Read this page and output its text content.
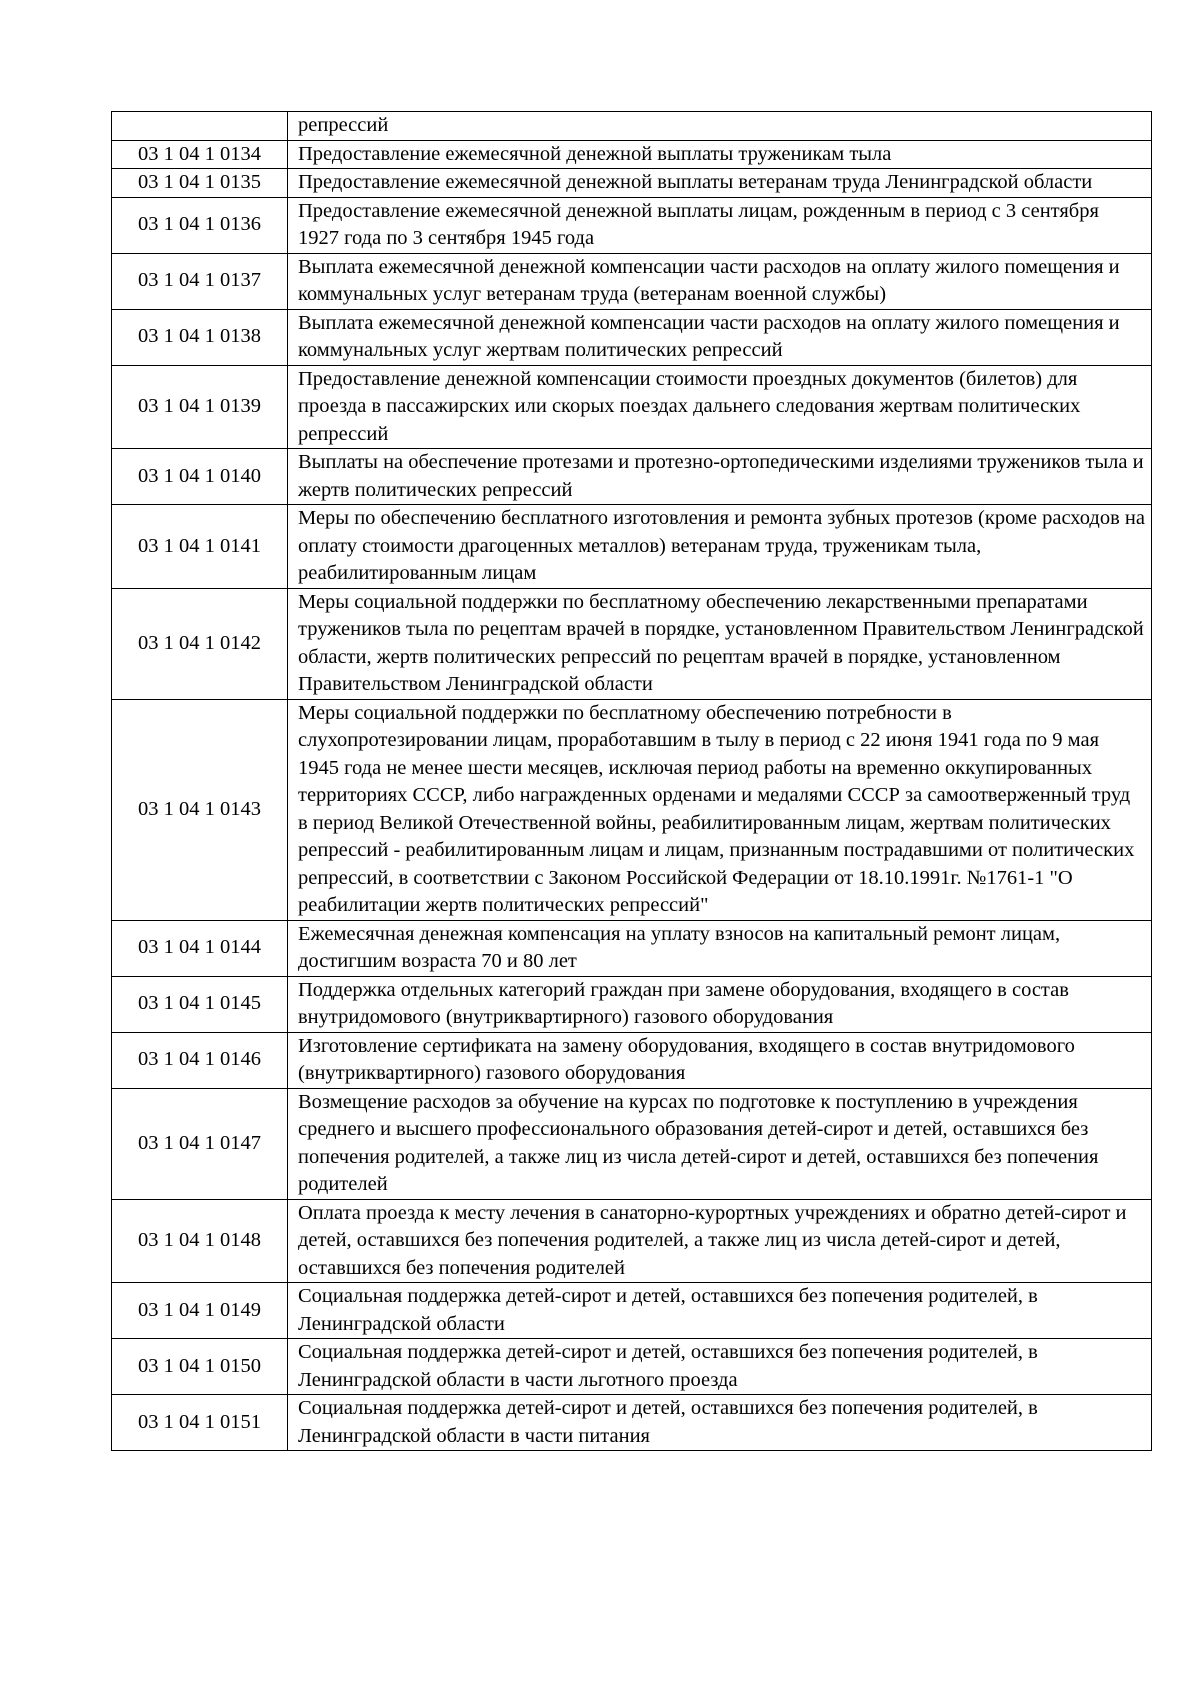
	репрессий
03 1 04 1 0134	Предоставление ежемесячной денежной выплаты труженикам тыла
03 1 04 1 0135	Предоставление ежемесячной денежной выплаты ветеранам труда Ленинградской области
03 1 04 1 0136	Предоставление ежемесячной денежной выплаты лицам, рожденным в период с 3 сентября 1927 года по 3 сентября 1945 года
03 1 04 1 0137	Выплата ежемесячной денежной компенсации части расходов на оплату жилого помещения и коммунальных услуг ветеранам труда (ветеранам военной службы)
03 1 04 1 0138	Выплата ежемесячной денежной компенсации части расходов на оплату жилого помещения и коммунальных услуг жертвам политических репрессий
03 1 04 1 0139	Предоставление денежной компенсации стоимости проездных документов (билетов) для проезда в пассажирских или скорых поездах дальнего следования жертвам политических репрессий
03 1 04 1 0140	Выплаты на обеспечение протезами и протезно-ортопедическими изделиями тружеников тыла и жертв политических репрессий
03 1 04 1 0141	Меры по обеспечению бесплатного изготовления и ремонта зубных протезов (кроме расходов на оплату стоимости драгоценных металлов) ветеранам труда, труженикам тыла, реабилитированным лицам
03 1 04 1 0142	Меры социальной поддержки по бесплатному обеспечению лекарственными препаратами тружеников тыла по рецептам врачей в порядке, установленном Правительством Ленинградской области, жертв политических репрессий по рецептам врачей в порядке, установленном Правительством Ленинградской области
03 1 04 1 0143	Меры социальной поддержки по бесплатному обеспечению потребности в слухопротезировании лицам, проработавшим в тылу в период с 22 июня 1941 года по 9 мая 1945 года не менее шести месяцев, исключая период работы на временно оккупированных территориях СССР, либо награжденных орденами и медалями СССР за самоотверженный труд в период Великой Отечественной войны, реабилитированным лицам, жертвам политических репрессий - реабилитированным лицам и лицам, признанным пострадавшими от политических репрессий, в соответствии с Законом Российской Федерации от 18.10.1991г. №1761-1 "О реабилитации жертв политических репрессий"
03 1 04 1 0144	Ежемесячная денежная компенсация на уплату взносов на капитальный ремонт лицам, достигшим возраста 70 и 80 лет
03 1 04 1 0145	Поддержка отдельных категорий граждан при замене оборудования, входящего в состав внутридомового (внутриквартирного) газового оборудования
03 1 04 1 0146	Изготовление сертификата на замену оборудования, входящего в состав внутридомового (внутриквартирного) газового оборудования
03 1 04 1 0147	Возмещение расходов за обучение на курсах по подготовке к поступлению в учреждения среднего и высшего профессионального образования детей-сирот и детей, оставшихся без попечения родителей, а также лиц из числа детей-сирот и детей, оставшихся без попечения родителей
03 1 04 1 0148	Оплата проезда к месту лечения в санаторно-курортных учреждениях и обратно детей-сирот и детей, оставшихся без попечения родителей, а также лиц из числа детей-сирот и детей, оставшихся без попечения родителей
03 1 04 1 0149	Социальная поддержка детей-сирот и детей, оставшихся без попечения родителей, в Ленинградской области
03 1 04 1 0150	Социальная поддержка детей-сирот и детей, оставшихся без попечения родителей, в Ленинградской области в части льготного проезда
03 1 04 1 0151	Социальная поддержка детей-сирот и детей, оставшихся без попечения родителей, в Ленинградской области в части питания
